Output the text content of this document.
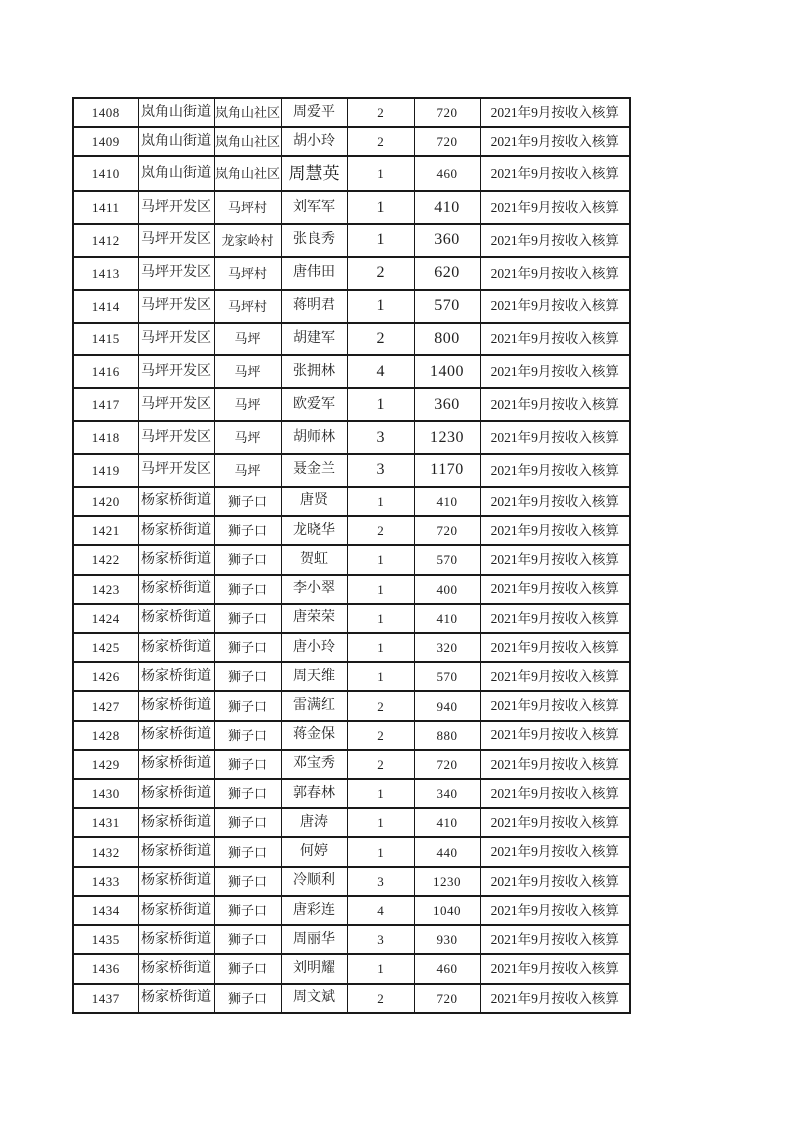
1408	岚角山街道	岚角山社区	周爱平	2	720	2021年9月按收入核算
1409	岚角山街道	岚角山社区	胡小玲	2	720	2021年9月按收入核算
1410	岚角山街道	岚角山社区	周慧英	1	460	2021年9月按收入核算
1411	马坪开发区	马坪村	刘军军	1	410	2021年9月按收入核算
1412	马坪开发区	龙家岭村	张良秀	1	360	2021年9月按收入核算
1413	马坪开发区	马坪村	唐伟田	2	620	2021年9月按收入核算
1414	马坪开发区	马坪村	蒋明君	1	570	2021年9月按收入核算
1415	马坪开发区	马坪	胡建军	2	800	2021年9月按收入核算
1416	马坪开发区	马坪	张拥林	4	1400	2021年9月按收入核算
1417	马坪开发区	马坪	欧爱军	1	360	2021年9月按收入核算
1418	马坪开发区	马坪	胡师林	3	1230	2021年9月按收入核算
1419	马坪开发区	马坪	聂金兰	3	1170	2021年9月按收入核算
1420	杨家桥街道	狮子口	唐贤	1	410	2021年9月按收入核算
1421	杨家桥街道	狮子口	龙晓华	2	720	2021年9月按收入核算
1422	杨家桥街道	狮子口	贺虹	1	570	2021年9月按收入核算
1423	杨家桥街道	狮子口	李小翠	1	400	2021年9月按收入核算
1424	杨家桥街道	狮子口	唐荣荣	1	410	2021年9月按收入核算
1425	杨家桥街道	狮子口	唐小玲	1	320	2021年9月按收入核算
1426	杨家桥街道	狮子口	周天维	1	570	2021年9月按收入核算
1427	杨家桥街道	狮子口	雷满红	2	940	2021年9月按收入核算
1428	杨家桥街道	狮子口	蒋金保	2	880	2021年9月按收入核算
1429	杨家桥街道	狮子口	邓宝秀	2	720	2021年9月按收入核算
1430	杨家桥街道	狮子口	郭春林	1	340	2021年9月按收入核算
1431	杨家桥街道	狮子口	唐涛	1	410	2021年9月按收入核算
1432	杨家桥街道	狮子口	何婷	1	440	2021年9月按收入核算
1433	杨家桥街道	狮子口	冷顺利	3	1230	2021年9月按收入核算
1434	杨家桥街道	狮子口	唐彩连	4	1040	2021年9月按收入核算
1435	杨家桥街道	狮子口	周丽华	3	930	2021年9月按收入核算
1436	杨家桥街道	狮子口	刘明耀	1	460	2021年9月按收入核算
1437	杨家桥街道	狮子口	周文斌	2	720	2021年9月按收入核算
